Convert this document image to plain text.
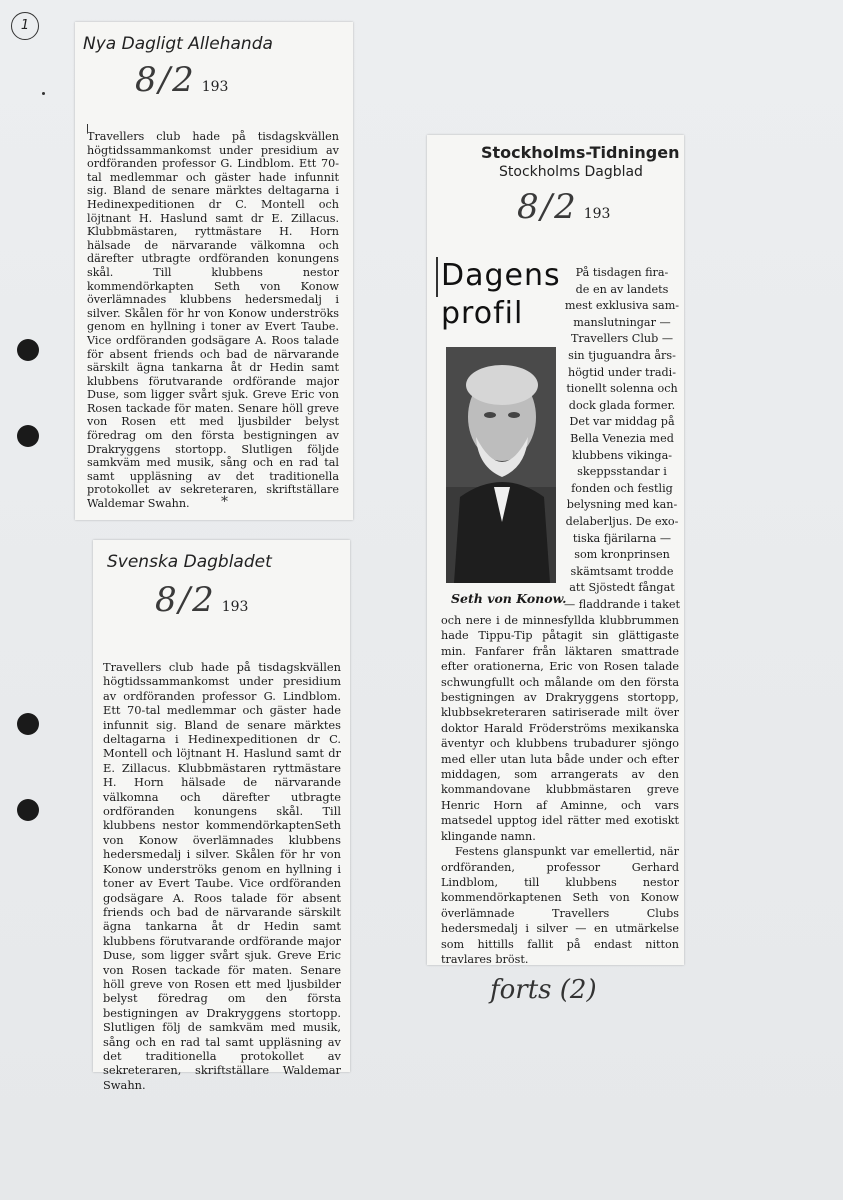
1
Nya Dagligt Allehanda
8/2 193
Travellers club hade på tisdagskvällen högtidssammankomst under presidium av ordföranden professor G. Lindblom. Ett 70-tal medlemmar och gäster hade infunnit sig. Bland de senare märktes deltagarna i Hedinexpeditionen dr C. Montell och löjtnant H. Haslund samt dr E. Zillacus. Klubbmästaren, ryttmästare H. Horn hälsade de närvarande välkomna och därefter utbragte ordföranden konungens skål. Till klubbens nestor kommendörkapten Seth von Konow överlämnades klubbens hedersmedalj i silver. Skålen för hr von Konow underströks genom en hyllning i toner av Evert Taube. Vice ordföranden godsägare A. Roos talade för absent friends och bad de närvarande särskilt ägna tankarna åt dr Hedin samt klubbens förutvarande ordförande major Duse, som ligger svårt sjuk. Greve Eric von Rosen tackade för maten. Senare höll greve von Rosen ett med ljusbilder belyst föredrag om den första bestigningen av Drakryggens stortopp. Slutligen följde samkväm med musik, sång och en rad tal samt uppläsning av det traditionella protokollet av sekreteraren, skriftställare Waldemar Swahn.	*
Svenska Dagbladet
8/2 193
Travellers club hade på tisdagskvällen högtidssammankomst under presidium av ordföranden professor G. Lindblom. Ett 70-tal medlemmar och gäster hade infunnit sig. Bland de senare märktes deltagarna i Hedinexpeditionen dr C. Montell och löjtnant H. Haslund samt dr E. Zillacus. Klubbmästaren ryttmästare H. Horn hälsade de närvarande välkomna och därefter utbragte ordföranden konungens skål. Till klubbens nestor kommendörkaptenSeth von Konow överlämnades klubbens hedersmedalj i silver. Skålen för hr von Konow underströks genom en hyllning i toner av Evert Taube. Vice ordföranden godsägare A. Roos talade för absent friends och bad de närvarande särskilt ägna tankarna åt dr Hedin samt klubbens förutvarande ordförande major Duse, som ligger svårt sjuk. Greve Eric von Rosen tackade för maten. Senare höll greve von Rosen ett med ljusbilder belyst föredrag om den första bestigningen av Drakryggens stortopp. Slutligen följ de samkväm med musik, sång och en rad tal samt uppläsning av det traditionella protokollet av sekreteraren, skriftställare Waldemar Swahn.
Stockholms-Tidningen
Stockholms Dagblad
8/2 193
Dagens
profil
Seth von Konow.
På tisdagen fira-
de en av landets
mest exklusiva sam-
manslutningar —
Travellers Club —
sin tjuguandra års-
högtid under tradi-
tionellt solenna och
dock glada former.
Det var middag på
Bella Venezia med
klubbens vikinga-
skeppsstandar i
fonden och festlig
belysning med kan-
delaberljus. De exo-
tiska fjärilarna —
som kronprinsen
skämtsamt trodde
att Sjöstedt fångat
— fladdrande i taket

och nere i de minnesfyllda klubbrummen hade Tippu-Tip påtagit sin glättigaste min. Fanfarer från läktaren smattrade efter orationerna, Eric von Rosen talade schwungfullt och målande om den första bestigningen av Drakryggens stortopp, klubbsekreteraren satiriserade milt över doktor Harald Fröderströms mexikanska äventyr och klubbens trubadurer sjöngo med eller utan luta både under och efter middagen, som arrangerats av den kommandovane klubbmästaren greve Henric Horn af Aminne, och vars matsedel upptog idel rätter med exotiskt klingande namn.

Festens glanspunkt var emellertid, när ordföranden, professor Gerhard Lindblom, till klubbens nestor kommendörkaptenen Seth von Konow överlämnade Travellers Clubs hedersmedalj i silver — en utmärkelse som hittills fallit på endast nitton travlares bröst.

forts (2)
